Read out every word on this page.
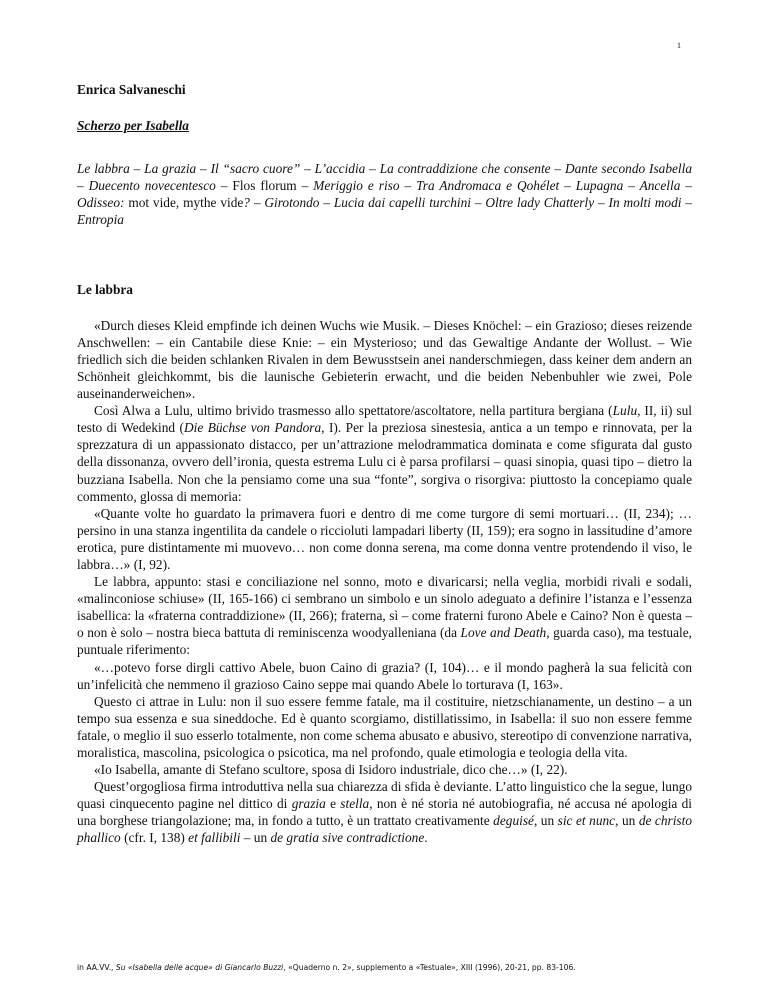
1

Enrica Salvaneschi

Scherzo per Isabella

Le labbra – La grazia – Il “sacro cuore” – L’accidia – La contraddizione che consente – Dante secondo Isabella – Duecento novecentesco – Flos florum – Meriggio e riso – Tra Andromaca e Qohélet – Lupagna – Ancella – Odisseo: mot vide, mythe vide? – Girotondo – Lucia dai capelli turchini – Oltre lady Chatterly – In molti modi – Entropia

Le labbra

«Durch dieses Kleid empfinde ich deinen Wuchs wie Musik. – Dieses Knöchel: – ein Grazioso; dieses reizende Anschwellen: – ein Cantabile diese Knie: – ein Mysterioso; und das Gewaltige Andante der Wollust. – Wie friedlich sich die beiden schlanken Rivalen in dem Bewusstsein anei nanderschmiegen, dass keiner dem andern an Schönheit gleichkommt, bis die launische Gebieterin erwacht, und die beiden Nebenbuhler wie zwei, Pole auseinanderweichen».

Così Alwa a Lulu, ultimo brivido trasmesso allo spettatore/ascoltatore, nella partitura bergiana (Lulu, II, ii) sul testo di Wedekind (Die Büchse von Pandora, I). Per la preziosa sinestesia, antica a un tempo e rinnovata, per la sprezzatura di un appassionato distacco, per un’attrazione melodrammatica dominata e come sfigurata dal gusto della dissonanza, ovvero dell’ironia, questa estrema Lulu ci è parsa profilarsi – quasi sinopia, quasi tipo – dietro la buzziana Isabella. Non che la pensiamo come una sua “fonte”, sorgiva o risorgiva: piuttosto la concepiamo quale commento, glossa di memoria:

«Quante volte ho guardato la primavera fuori e dentro di me come turgore di semi mortuari… (II, 234); …persino in una stanza ingentilita da candele o riccioluti lampadari liberty (II, 159); era sogno in lassitudine d’amore erotica, pure distintamente mi muovevo… non come donna serena, ma come donna ventre protendendo il viso, le labbra…» (I, 92).

Le labbra, appunto: stasi e conciliazione nel sonno, moto e divaricarsi; nella veglia, morbidi rivali e sodali, «malinconiose schiuse» (II, 165-166) ci sembrano un simbolo e un sinolo adeguato a definire l’istanza e l’essenza isabellica: la «fraterna contraddizione» (II, 266); fraterna, sì – come fraterni furono Abele e Caino? Non è questa – o non è solo – nostra bieca battuta di reminiscenza woodyalleniana (da Love and Death, guarda caso), ma testuale, puntuale riferimento:

«…potevo forse dirgli cattivo Abele, buon Caino di grazia? (I, 104)… e il mondo pagherà la sua felicità con un’infelicità che nemmeno il grazioso Caino seppe mai quando Abele lo torturava (I, 163».

Questo ci attrae in Lulu: non il suo essere femme fatale, ma il costituire, nietzschianamente, un destino – a un tempo sua essenza e sua sineddoche. Ed è quanto scorgiamo, distillatissimo, in Isabella: il suo non essere femme fatale, o meglio il suo esserlo totalmente, non come schema abusato e abusivo, stereotipo di convenzione narrativa, moralistica, mascolina, psicologica o psicotica, ma nel profondo, quale etimologia e teologia della vita.

«Io Isabella, amante di Stefano scultore, sposa di Isidoro industriale, dico che…» (I, 22).

Quest’orgogliosa firma introduttiva nella sua chiarezza di sfida è deviante. L’atto linguistico che la segue, lungo quasi cinquecento pagine nel dittico di grazia e stella, non è né storia né autobiografia, né accusa né apologia di una borghese triangolazione; ma, in fondo a tutto, è un trattato creativamente deguisé, un sic et nunc, un de christo phallico (cfr. I, 138) et fallibili – un de gratia sive contradictione.

in AA.VV., Su «Isabella delle acque» di Giancarlo Buzzi, «Quaderno n. 2», supplemento a «Testuale», XIII (1996), 20-21, pp. 83-106.
